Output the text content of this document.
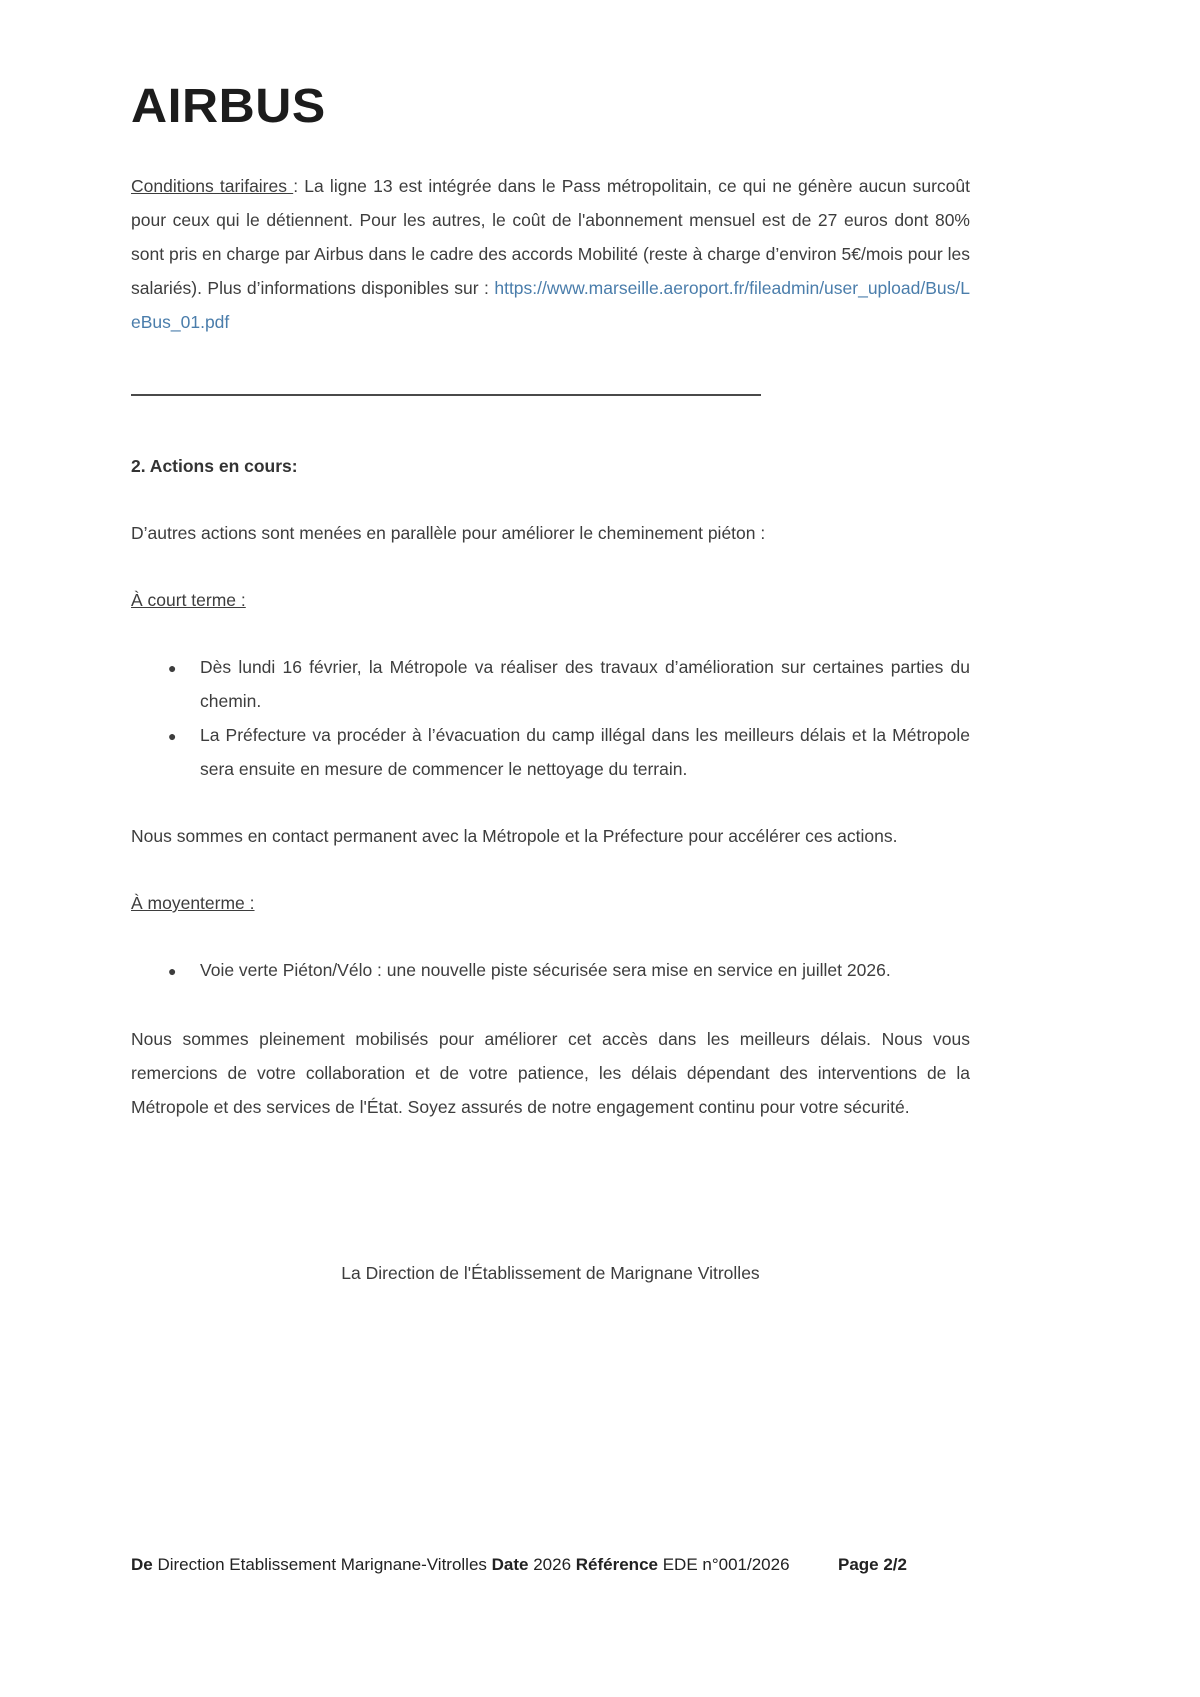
AIRBUS

Conditions tarifaires : La ligne 13 est intégrée dans le Pass métropolitain, ce qui ne génère aucun surcoût pour ceux qui le détiennent. Pour les autres, le coût de l'abonnement mensuel est de 27 euros dont 80% sont pris en charge par Airbus dans le cadre des accords Mobilité (reste à charge d’environ 5€/mois pour les salariés). Plus d’informations disponibles sur : https://www.marseille.aeroport.fr/fileadmin/user_upload/Bus/LeBus_01.pdf

2. Actions en cours:

D’autres actions sont menées en parallèle pour améliorer le cheminement piéton :

À court terme :

●	Dès lundi 16 février, la Métropole va réaliser des travaux d’amélioration sur certaines parties du chemin.
●	La Préfecture va procéder à l’évacuation du camp illégal dans les meilleurs délais et la Métropole sera ensuite en mesure de commencer le nettoyage du terrain.

Nous sommes en contact permanent avec la Métropole et la Préfecture pour accélérer ces actions.

À moyenterme :

●	Voie verte Piéton/Vélo : une nouvelle piste sécurisée sera mise en service en juillet 2026.

Nous sommes pleinement mobilisés pour améliorer cet accès dans les meilleurs délais. Nous vous remercions de votre collaboration et de votre patience, les délais dépendant des interventions de la Métropole et des services de l'État. Soyez assurés de notre engagement continu pour votre sécurité.

La Direction de l'Établissement de Marignane Vitrolles

De Direction Etablissement Marignane-Vitrolles Date 2026 Référence EDE n°001/2026	Page 2/2
